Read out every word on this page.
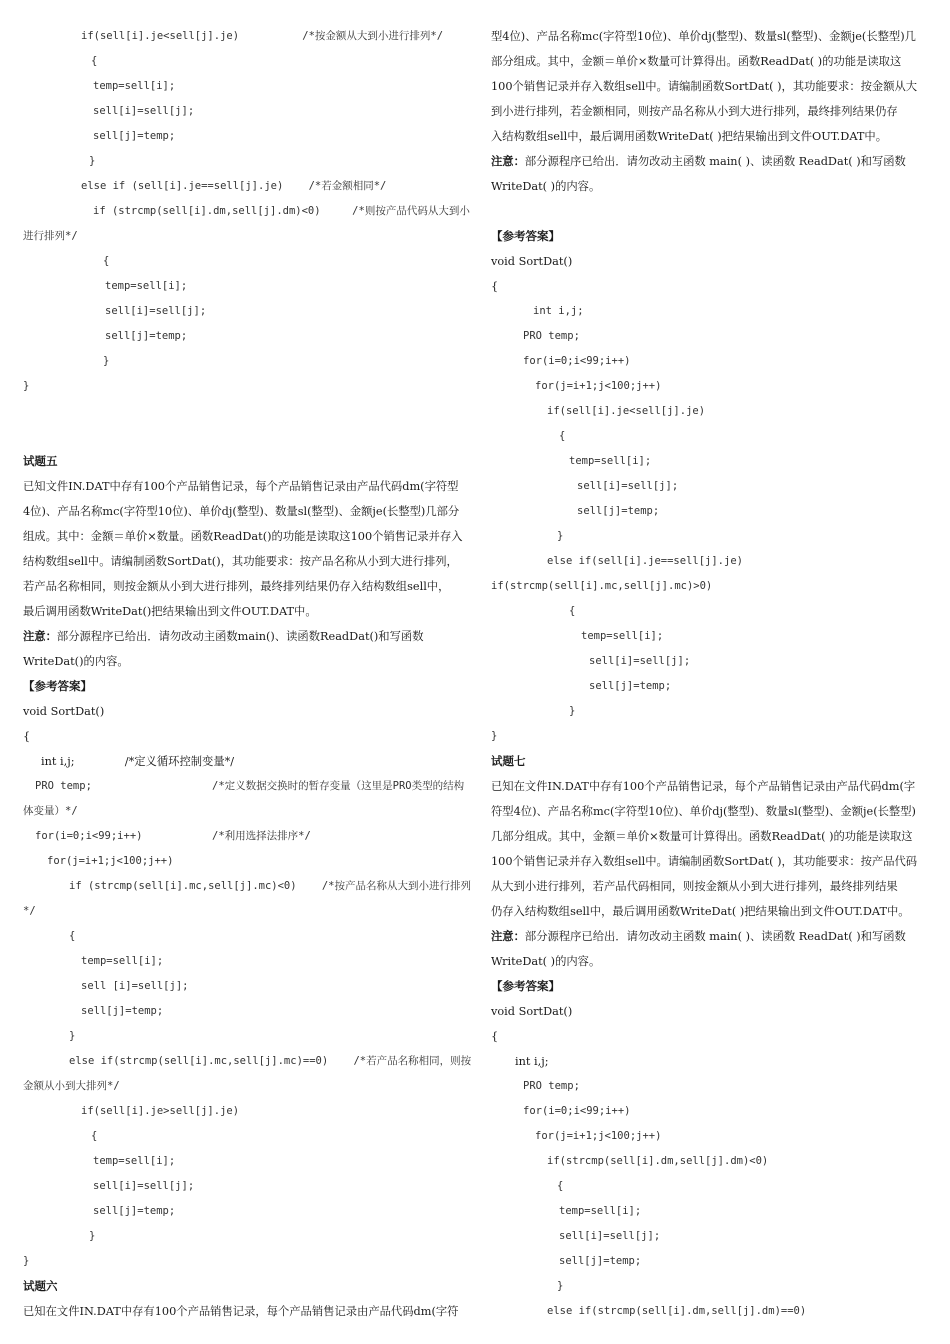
if(sell[i].je<sell[j].je)          /*按金额从大到小进行排列*/
{
temp=sell[i];
sell[i]=sell[j];
sell[j]=temp;
}
else if (sell[i].je==sell[j].je)    /*若金额相同*/
if (strcmp(sell[i].dm,sell[j].dm)<0)     /*则按产品代码从大到小
进行排列*/
{
temp=sell[i];
sell[i]=sell[j];
sell[j]=temp;
}
}
试题五
已知文件IN.DAT中存有100个产品销售记录，每个产品销售记录由产品代码dm(字符型
4位)、产品名称mc(字符型10位)、单价dj(整型)、数量sl(整型)、金额je(长整型)几部分
组成。其中：金额＝单价×数量。函数ReadDat()的功能是读取这100个销售记录并存入
结构数组sell中。请编制函数SortDat()，其功能要求：按产品名称从小到大进行排列，
若产品名称相同，则按金额从小到大进行排列，最终排列结果仍存入结构数组sell中，
最后调用函数WriteDat()把结果输出到文件OUT.DAT中。
注意：部分源程序已给出．请勿改动主函数main()、读函数ReadDat()和写函数
WriteDat()的内容。
【参考答案】
void SortDat()
{
int i,j;              /*定义循环控制变量*/
PRO temp;                   /*定义数据交换时的暂存变量（这里是PRO类型的结构
体变量）*/
for(i=0;i<99;i++)           /*利用选择法排序*/
for(j=i+1;j<100;j++)
if (strcmp(sell[i].mc,sell[j].mc)<0)    /*按产品名称从大到小进行排列
*/
{
temp=sell[i];
sell [i]=sell[j];
sell[j]=temp;
}
else if(strcmp(sell[i].mc,sell[j].mc)==0)    /*若产品名称相同，则按
金额从小到大排列*/
if(sell[i].je>sell[j].je)
{
temp=sell[i];
sell[i]=sell[j];
sell[j]=temp;
}
}
试题六
已知在文件IN.DAT中存有100个产品销售记录，每个产品销售记录由产品代码dm(字符
型4位)、产品名称mc(字符型10位)、单价dj(整型)、数量sl(整型)、金额je(长整型)几
部分组成。其中，金额＝单价×数量可计算得出。函数ReadDat( )的功能是读取这
100个销售记录并存入数组sell中。请编制函数SortDat( )，其功能要求：按金额从大
到小进行排列，若金额相同，则按产品名称从小到大进行排列，最终排列结果仍存
入结构数组sell中，最后调用函数WriteDat( )把结果输出到文件OUT.DAT中。
注意：部分源程序已给出．请勿改动主函数 main( )、读函数 ReadDat( )和写函数
WriteDat( )的内容。
【参考答案】
void SortDat()
{
int i,j;
PRO temp;
for(i=0;i<99;i++)
for(j=i+1;j<100;j++)
if(sell[i].je<sell[j].je)
{
temp=sell[i];
sell[i]=sell[j];
sell[j]=temp;
}
else if(sell[i].je==sell[j].je)
if(strcmp(sell[i].mc,sell[j].mc)>0)
{
temp=sell[i];
sell[i]=sell[j];
sell[j]=temp;
}
}
试题七
已知在文件IN.DAT中存有100个产品销售记录，每个产品销售记录由产品代码dm(字
符型4位)、产品名称mc(字符型10位)、单价dj(整型)、数量sl(整型)、金额je(长整型)
几部分组成。其中，金额＝单价×数量可计算得出。函数ReadDat( )的功能是读取这
100个销售记录并存入数组sell中。请编制函数SortDat( )，其功能要求：按产品代码
从大到小进行排列，若产品代码相同，则按金额从小到大进行排列，最终排列结果
仍存入结构数组sell中，最后调用函数WriteDat( )把结果输出到文件OUT.DAT中。
注意：部分源程序已给出．请勿改动主函数 main( )、读函数 ReadDat( )和写函数
WriteDat( )的内容。
【参考答案】
void SortDat()
{
int i,j;
PRO temp;
for(i=0;i<99;i++)
for(j=i+1;j<100;j++)
if(strcmp(sell[i].dm,sell[j].dm)<0)
{
temp=sell[i];
sell[i]=sell[j];
sell[j]=temp;
}
else if(strcmp(sell[i].dm,sell[j].dm)==0)
